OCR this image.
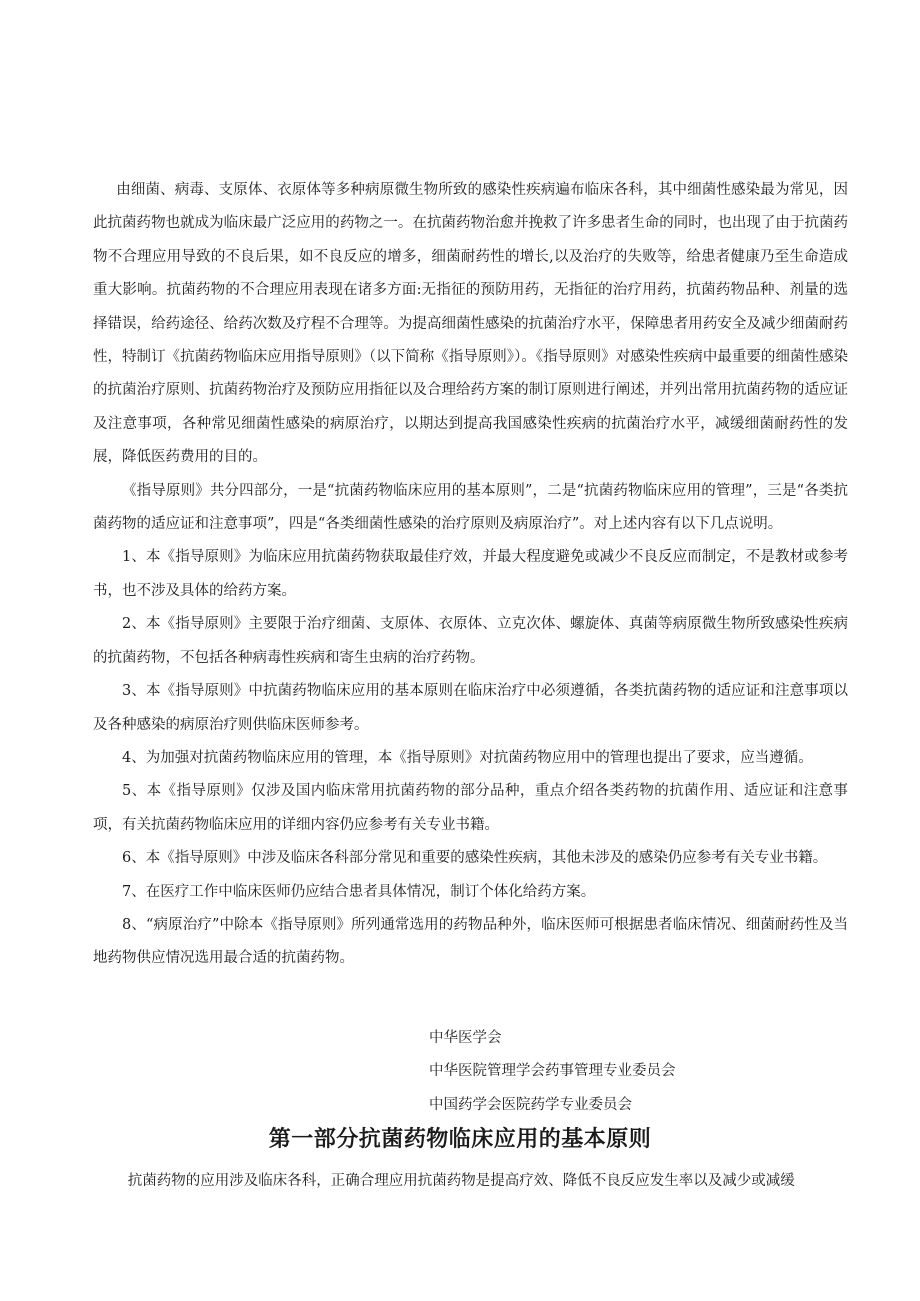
由细菌、病毒、支原体、衣原体等多种病原微生物所致的感染性疾病遍布临床各科，其中细菌性感染最为常见，因此抗菌药物也就成为临床最广泛应用的药物之一。在抗菌药物治愈并挽救了许多患者生命的同时，也出现了由于抗菌药物不合理应用导致的不良后果，如不良反应的增多，细菌耐药性的增长,以及治疗的失败等，给患者健康乃至生命造成重大影响。抗菌药物的不合理应用表现在诸多方面:无指征的预防用药，无指征的治疗用药，抗菌药物品种、剂量的选择错误，给药途径、给药次数及疗程不合理等。为提高细菌性感染的抗菌治疗水平，保障患者用药安全及减少细菌耐药性，特制订《抗菌药物临床应用指导原则》（以下简称《指导原则》）。《指导原则》对感染性疾病中最重要的细菌性感染的抗菌治疗原则、抗菌药物治疗及预防应用指征以及合理给药方案的制订原则进行阐述，并列出常用抗菌药物的适应证及注意事项，各种常见细菌性感染的病原治疗，以期达到提高我国感染性疾病的抗菌治疗水平，减缓细菌耐药性的发展，降低医药费用的目的。

《指导原则》共分四部分，一是“抗菌药物临床应用的基本原则”，二是“抗菌药物临床应用的管理”，三是“各类抗菌药物的适应证和注意事项”，四是“各类细菌性感染的治疗原则及病原治疗”。对上述内容有以下几点说明。

1、本《指导原则》为临床应用抗菌药物获取最佳疗效，并最大程度避免或减少不良反应而制定，不是教材或参考书，也不涉及具体的给药方案。

2、本《指导原则》主要限于治疗细菌、支原体、衣原体、立克次体、螺旋体、真菌等病原微生物所致感染性疾病的抗菌药物，不包括各种病毒性疾病和寄生虫病的治疗药物。

3、本《指导原则》中抗菌药物临床应用的基本原则在临床治疗中必须遵循，各类抗菌药物的适应证和注意事项以及各种感染的病原治疗则供临床医师参考。

4、为加强对抗菌药物临床应用的管理，本《指导原则》对抗菌药物应用中的管理也提出了要求，应当遵循。

5、本《指导原则》仅涉及国内临床常用抗菌药物的部分品种，重点介绍各类药物的抗菌作用、适应证和注意事项，有关抗菌药物临床应用的详细内容仍应参考有关专业书籍。

6、本《指导原则》中涉及临床各科部分常见和重要的感染性疾病，其他未涉及的感染仍应参考有关专业书籍。

7、在医疗工作中临床医师仍应结合患者具体情况，制订个体化给药方案。

8、“病原治疗”中除本《指导原则》所列通常选用的药物品种外，临床医师可根据患者临床情况、细菌耐药性及当地药物供应情况选用最合适的抗菌药物。

中华医学会
中华医院管理学会药事管理专业委员会
中国药学会医院药学专业委员会
第一部分抗菌药物临床应用的基本原则

抗菌药物的应用涉及临床各科，正确合理应用抗菌药物是提高疗效、降低不良反应发生率以及减少或减缓
